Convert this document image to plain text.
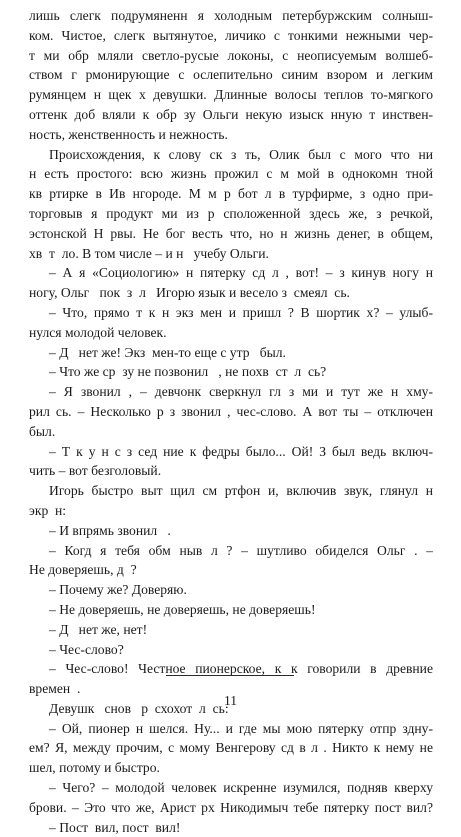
лишь слегк подрумяненн я холодным петербуржским солныш-
ком. Чистое, слегк вытянутое, личико с тонкими нежными чер-
т ми обр мляли светло-русые локоны, с неописуемым волшеб-
ством г рмонирующие с ослепительно синим взором и легким
румянцем н щек х девушки. Длинные волосы теплов то-мягкого
оттенк доб вляли к обр зу Ольги некую изыск нную т инствен-
ность, женственность и нежность.
Происхождения, к слову ск з ть, Олик был с мого что ни
н есть простого: всю жизнь прожил с м мой в однокомн тной
кв ртирке в Ив нгороде. М м р бот л в турфирме, з одно при-
торговыв я продукт ми из р сположенной здесь же, з речкой,
эстонской Н рвы. Не бог весть что, но н жизнь денег, в общем,
хв  т  ло. В том числе – и н   учебу Ольги.
– А я «Социологию» н пятерку сд л , вот! – з кинув ногу н
ногу, Ольг   пок  з  л   Игорю язык и весело з  смеял  сь.
– Что, прямо т к н экз мен и пришл ? В шортик х? – улыб-
нулся молодой человек.
– Д   нет же! Экз  мен-то еще с утр   был.
– Что же ср  зу не позвонил   , не похв  ст  л  сь?
– Я звонил , – девчонк сверкнул гл з ми и тут же н хму-
рил сь. – Несколько р з звонил , чес-слово. А вот ты – отключен
был.
– Т к у н с з сед ние к федры было... Ой! З был ведь включ-
чить – вот безголовый.
Игорь быстро выт щил см ртфон и, включив звук, глянул н
экр  н:
– И впрямь звонил   .
– Когд я тебя обм ныв л ? – шутливо обиделся Ольг . –
Не доверяешь, д  ?
– Почему же? Доверяю.
– Не доверяешь, не доверяешь, не доверяешь!
– Д   нет же, нет!
– Чес-слово?
– Чес-слово! Честное пионерское, к к говорили в древние
времен  .
Девушк   снов   р  схохот  л  сь:
– Ой, пионер н шелся. Ну... и где мы мою пятерку отпр здну-
ем? Я, между прочим, с мому Венгерову сд в л . Никто к нему не
шел, потому и быстро.
– Чего? – молодой человек искренне изумился, подняв кверху
брови. – Это что же, Арист рх Никодимыч тебе пятерку пост вил?
– Пост  вил, пост  вил!
11
